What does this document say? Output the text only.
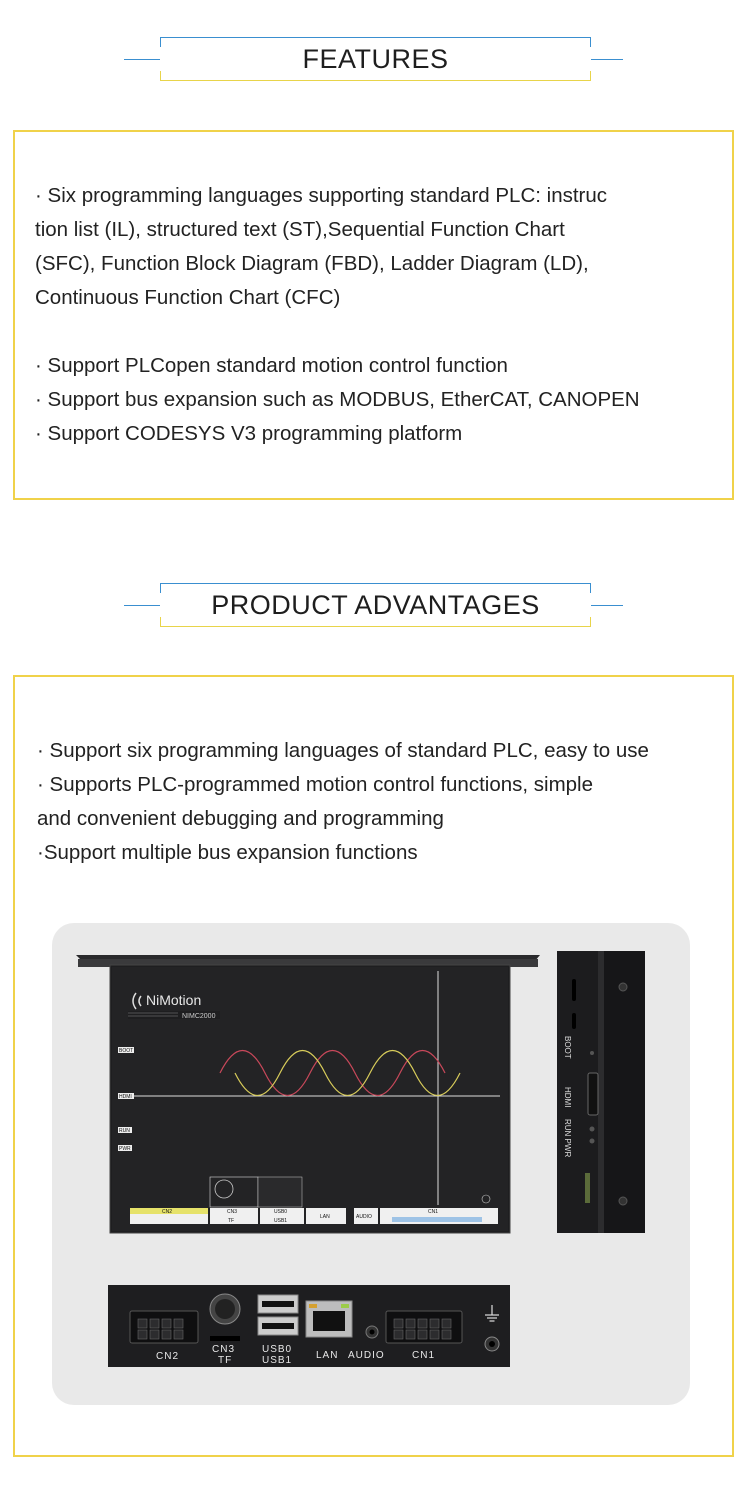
FEATURES
· Six programming languages supporting standard PLC: instruc
tion list (IL), structured text (ST),Sequential Function Chart
(SFC), Function Block Diagram (FBD), Ladder Diagram (LD),
Continuous Function Chart (CFC)
· Support PLCopen standard motion control function
· Support bus expansion such as MODBUS, EtherCAT, CANOPEN
· Support CODESYS V3 programming platform
PRODUCT ADVANTAGES
· Support six programming languages of standard PLC, easy to use
· Supports PLC-programmed motion control functions, simple
and convenient debugging and programming
·Support multiple bus expansion functions
NiMotion
NIMC2000
BOOT
HDMI
RUN
PWR
CN2	CN3
TF
USB0
USB1
LAN	AUDIO
CN1
BOOT
HDMI
RUN PWR
CN2
CN3
TF
USB0
USB1 LAN AUDIO	CN1
